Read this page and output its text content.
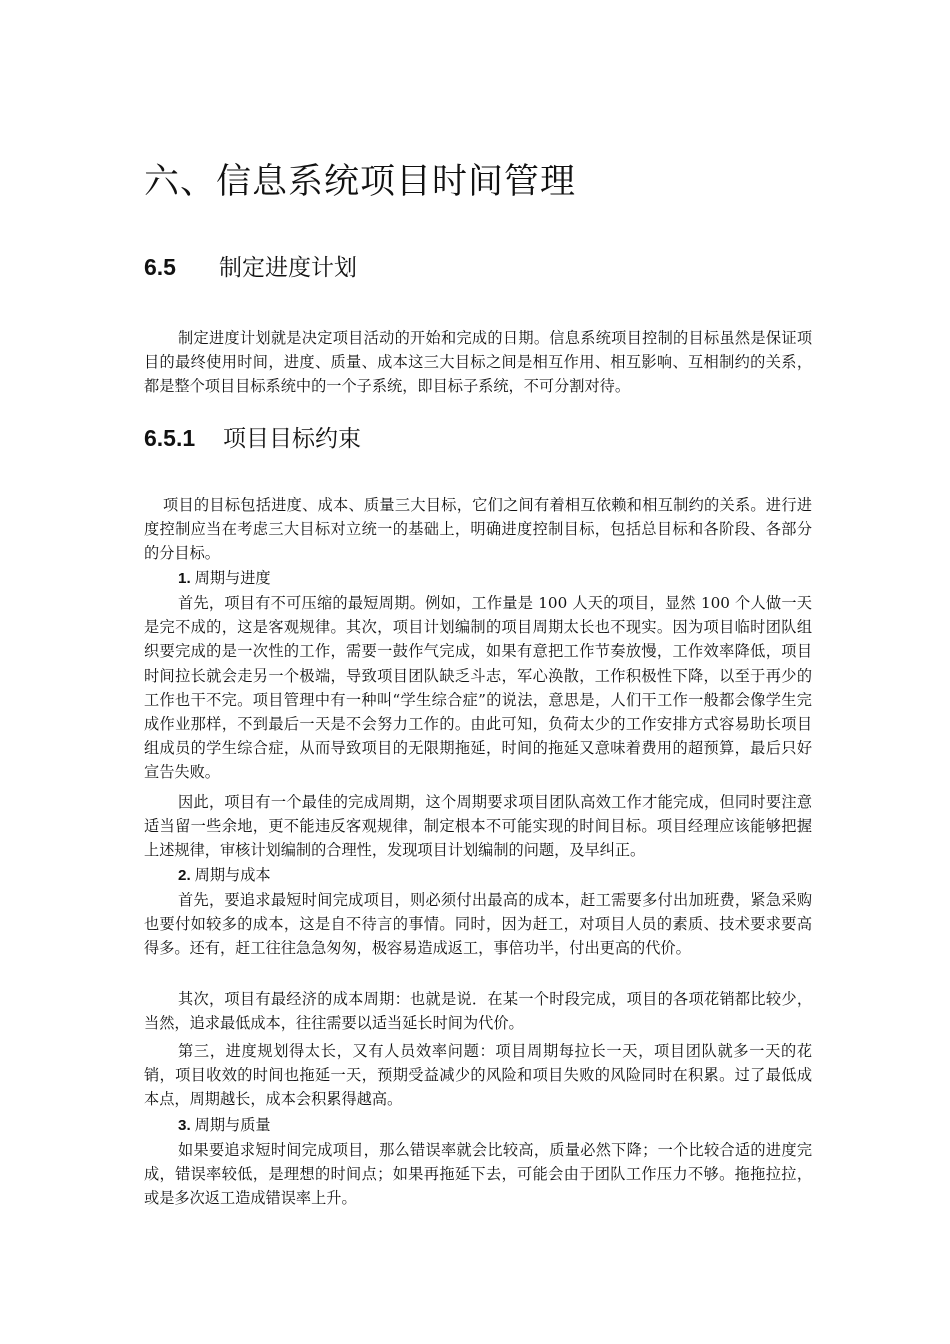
六、信息系统项目时间管理
6.5 制定进度计划

制定进度计划就是决定项目活动的开始和完成的日期。信息系统项目控制的目标虽然是保证项目的最终使用时间，进度、质量、成本这三大目标之间是相互作用、相互影响、互相制约的关系，都是整个项目目标系统中的一个子系统，即目标子系统，不可分割对待。

6.5.1 项目目标约束

项目的目标包括进度、成本、质量三大目标，它们之间有着相互依赖和相互制约的关系。进行进度控制应当在考虑三大目标对立统一的基础上，明确进度控制目标，包括总目标和各阶段、各部分的分目标。

1. 周期与进度

首先，项目有不可压缩的最短周期。例如，工作量是 100 人天的项目，显然 100 个人做一天是完不成的，这是客观规律。其次，项目计划编制的项目周期太长也不现实。因为项目临时团队组织要完成的是一次性的工作，需要一鼓作气完成，如果有意把工作节奏放慢，工作效率降低，项目时间拉长就会走另一个极端，导致项目团队缺乏斗志，军心涣散，工作积极性下降，以至于再少的工作也干不完。项目管理中有一种叫“学生综合症”的说法，意思是，人们干工作一般都会像学生完成作业那样，不到最后一天是不会努力工作的。由此可知，负荷太少的工作安排方式容易助长项目组成员的学生综合症，从而导致项目的无限期拖延，时间的拖延又意味着费用的超预算，最后只好宣告失败。

因此，项目有一个最佳的完成周期，这个周期要求项目团队高效工作才能完成，但同时要注意适当留一些余地，更不能违反客观规律，制定根本不可能实现的时间目标。项目经理应该能够把握上述规律，审核计划编制的合理性，发现项目计划编制的问题，及早纠正。

2. 周期与成本

首先，要追求最短时间完成项目，则必须付出最高的成本，赶工需要多付出加班费，紧急采购也要付如较多的成本，这是自不待言的事情。同时，因为赶工，对项目人员的素质、技术要求要高得多。还有，赶工往往急急匆匆，极容易造成返工，事倍功半，付出更高的代价。

其次，项目有最经济的成本周期：也就是说．在某一个时段完成，项目的各项花销都比较少，当然，追求最低成本，往往需要以适当延长时间为代价。

第三，进度规划得太长，又有人员效率问题：项目周期每拉长一天，项目团队就多一天的花销，项目收效的时间也拖延一天，预期受益减少的风险和项目失败的风险同时在积累。过了最低成本点，周期越长，成本会积累得越高。

3. 周期与质量

如果要追求短时间完成项目，那么错误率就会比较高，质量必然下降；一个比较合适的进度完成，错误率较低，是理想的时间点；如果再拖延下去，可能会由于团队工作压力不够。拖拖拉拉，或是多次返工造成错误率上升。
